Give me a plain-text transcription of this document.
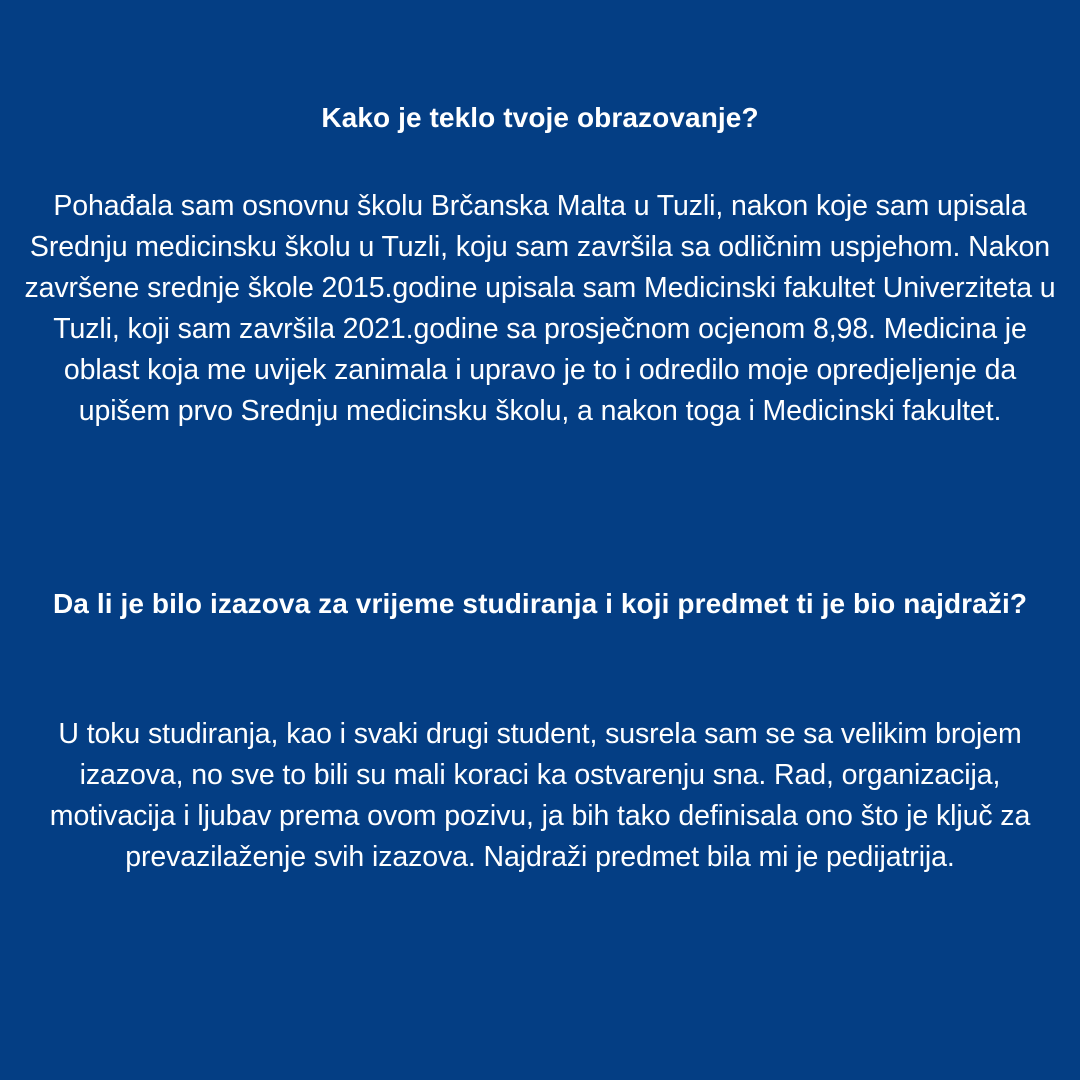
Kako je teklo tvoje obrazovanje?

Pohađala sam osnovnu školu Brčanska Malta u Tuzli, nakon koje sam upisala Srednju medicinsku školu u Tuzli, koju sam završila sa odličnim uspjehom. Nakon završene srednje škole 2015.godine upisala sam Medicinski fakultet Univerziteta u Tuzli, koji sam završila 2021.godine sa prosječnom ocjenom 8,98. Medicina je oblast koja me uvijek zanimala i upravo je to i odredilo moje opredjeljenje da upišem prvo Srednju medicinsku školu, a nakon toga i Medicinski fakultet.

Da li je bilo izazova za vrijeme studiranja i koji predmet ti je bio najdraži?

U toku studiranja, kao i svaki drugi student, susrela sam se sa velikim brojem izazova, no sve to bili su mali koraci ka ostvarenju sna. Rad, organizacija, motivacija i ljubav prema ovom pozivu, ja bih tako definisala ono što je ključ za prevazilaženje svih izazova. Najdraži predmet bila mi je pedijatrija.
